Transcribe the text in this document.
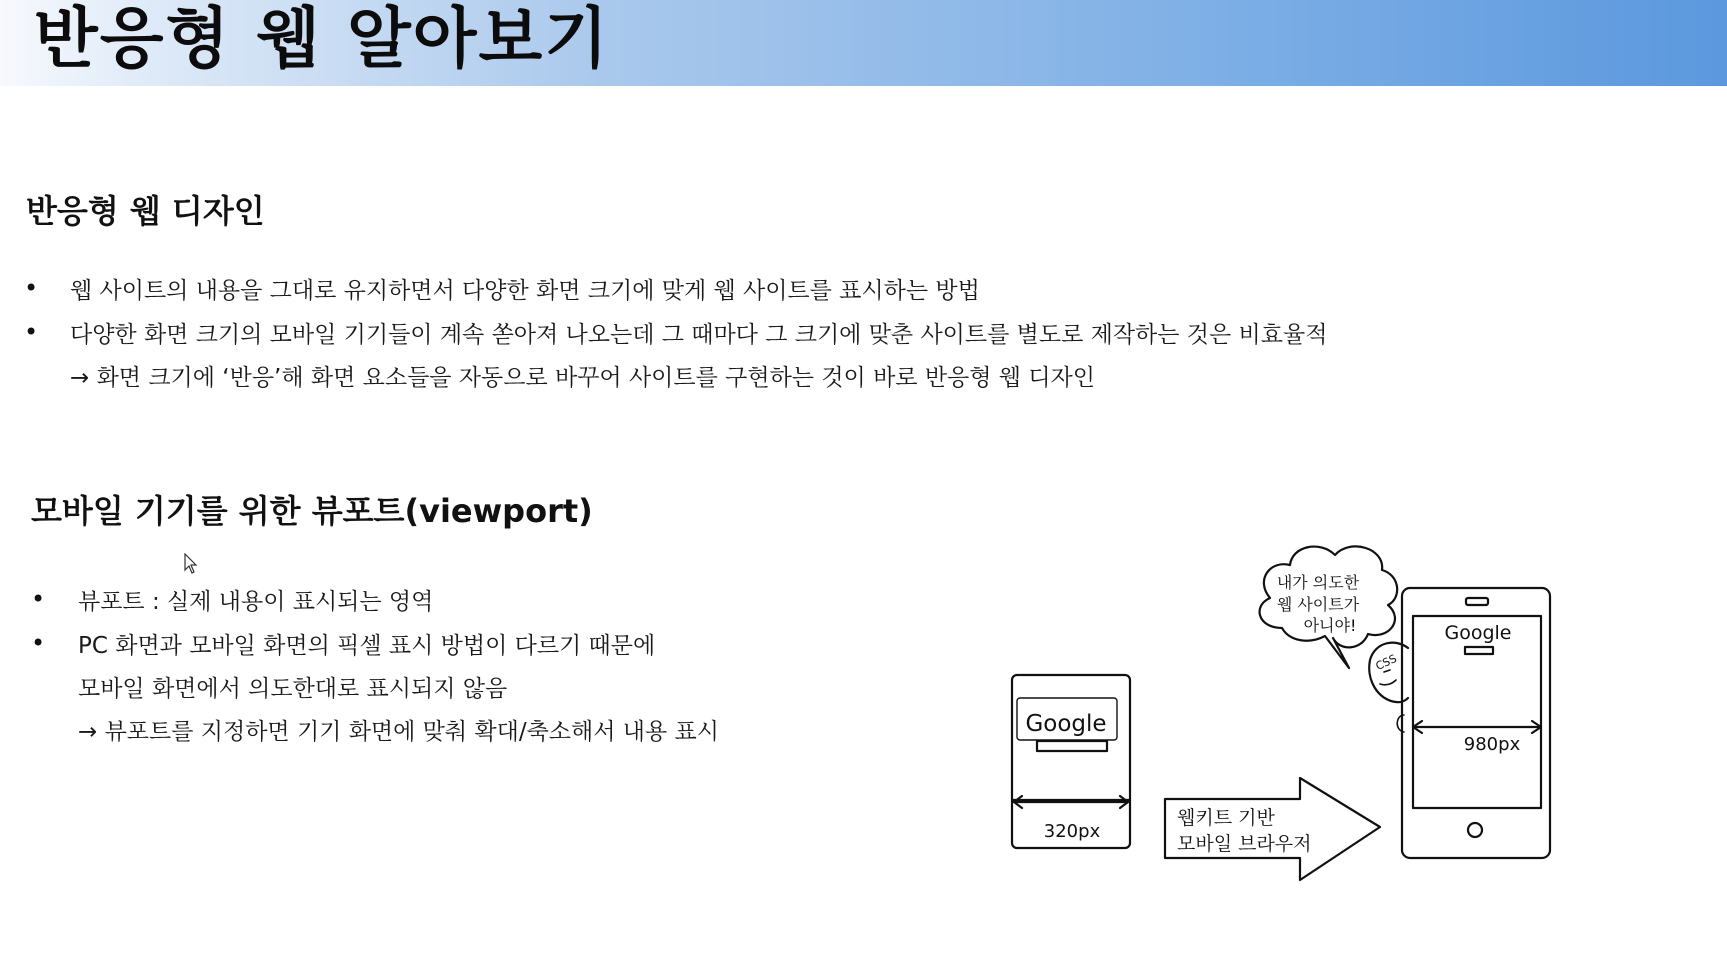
반응형 웹 알아보기
반응형 웹 디자인
• 웹 사이트의 내용을 그대로 유지하면서 다양한 화면 크기에 맞게 웹 사이트를 표시하는 방법
• 다양한 화면 크기의 모바일 기기들이 계속 쏟아져 나오는데 그 때마다 그 크기에 맞춘 사이트를 별도로 제작하는 것은 비효율적
→ 화면 크기에 ‘반응’해 화면 요소들을 자동으로 바꾸어 사이트를 구현하는 것이 바로 반응형 웹 디자인
모바일 기기를 위한 뷰포트(viewport)
• 뷰포트 : 실제 내용이 표시되는 영역
• PC 화면과 모바일 화면의 픽셀 표시 방법이 다르기 때문에
모바일 화면에서 의도한대로 표시되지 않음
→ 뷰포트를 지정하면 기기 화면에 맞춰 확대/축소해서 내용 표시	Google
320px
웹키트 기반
모바일 브라우저
내가 의도한
웹 사이트가
아니야!
CSS
Google
980px
